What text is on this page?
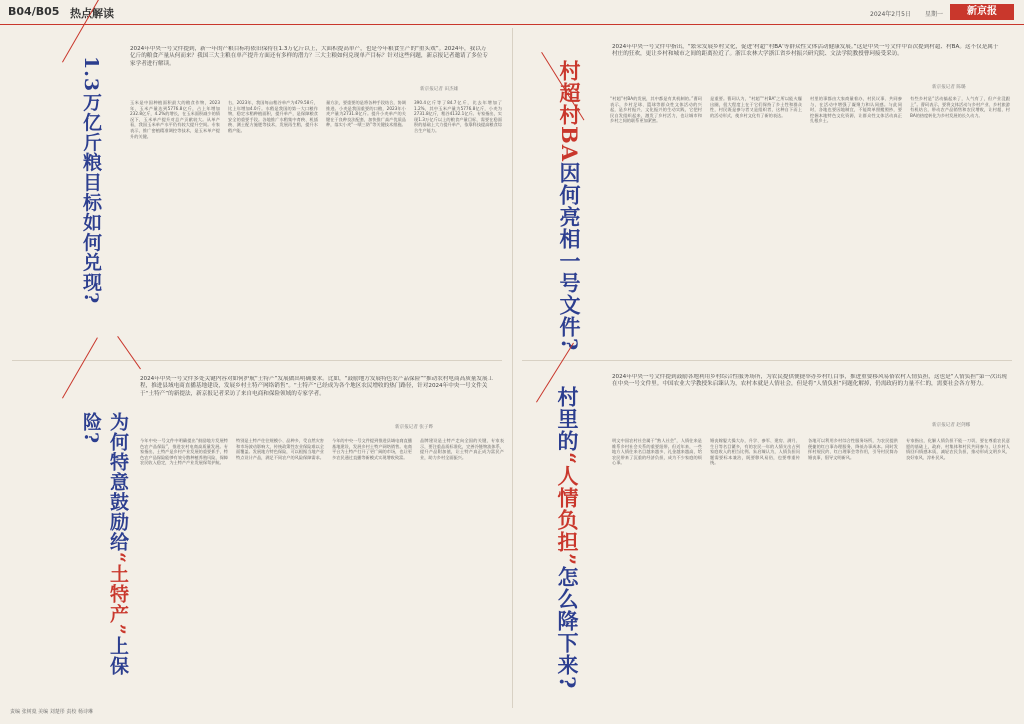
B04/B05 热点解读	2024年2月5日 星期一	新京报
1.3万亿斤粮目标如何兑现?
2024年中央一号文件提到，新一年的产粮目标将依旧保持在1.3万亿斤以上，大面积提高单产，也是今年粮食生产的“重头戏”。2024年，我以万亿斤的粮食产量从何而来？我国三大主粮在单产提升方面还有多样的潜力？三大主粮如何兑现单产目标？针对这些问题，新京报记者邀请了多位专家学者进行解读。
新京报记者 田杰雄
玉米是中国种植面积最大的粮食作物，2023年，玉米产量达到5776.8亿斤，占上年增加232.8亿斤，4.2%的增长，在玉米面积减少的情况下，玉米单产提升对总产贡献较大。从单产看，我国玉米单产水平仍有较大提升空间。专家表示，推广密植精准调控等技术，是玉米单产提升的关键。
右，2023年，我国每亩稻谷单产为479.58斤，比上年增加4.0斤。水稻是我国的第一大口粮作物，稳定水稻种植面积，提升单产，是保障粮食安全的重要手段。各地推广水稻集中育秧、机插秧、测土配方施肥等技术，发展再生稻，提升水稻产能。
量方法，要重要的是将各种手段结合，协调推进。小麦是我国重要的口粮，2023年小麦产量为2731.8亿斤。提升小麦单产的关键在于良种良法配套，加快推广高产优质品种，落实小麦“一喷三防”等关键技术措施。
390.4亿斤等了84.7亿斤，比去年增加了1.2%，其中玉米产量为5776.8亿斤，小麦为2731.8亿斤，稻谷4132.1亿斤。专家指出，实现1.3万亿斤以上的粮食产量目标，需要在稳面积的基础上大力提升单产，依靠科技提高粮食综合生产能力。	村超村BA因何亮相一号文件?
2024年中央一号文件中指出，“繁荣发展乡村文化，促进‘村超’‘村BA’等群众性文体活动健康发展。”这是中央一号文件中首次提到村超、村BA。这不仅是属于村庄的狂欢，更让乡村和城市之间的距离拉近了。浙江农林大学浙江省乡村振兴研究院、文法学院教授曹珂接受采访。
新京报记者 陈璐
“村超”村BA的发展，其中都是有其机制的。”曹珂表示，乡村足球、篮球等群众性文体活动的兴起，是乡村振兴、文化振兴的生动实践，它把村民自发组织起来，激发了乡村活力，也让城市和乡村之间的联系更加紧密。
是重要。曹珂认为，“村超”“村BA”之所以能火爆出圈，很大程度上在于它们保持了乡土性和群众性，村民既是参与者又是组织者，这种自下而上的活动形式，使乡村文化有了新的表达。
村里的事都由大家商量着办，村民议事、共同参与，在活动中增强了凝聚力和认同感。与此同时，各地也要因地制宜，不能简单照搬照抄，要挖掘本地特色文化资源，让群众性文体活动真正扎根乡土。
有些乡村是“活动搞起来了，人气有了，但产业没跟上”。曹珂表示，要将文体活动与乡村产业、乡村旅游有机结合，带动农产品销售和农民增收，让村超、村BA的热度转化为乡村发展的长久动力。
为何特意鼓励给“土特产”上保险?
2024年中央一号文件多处关键内容对如何护航“土特产”发展做出明确要求。比如，“鼓励地方发展特色农产品保险”“推动农村电商高质量发展工程，推进县域电商直播基地建设，发展乡村土特产网络销售”。“土特产”已经成为各个地区农民增收的热门路径，针对2024年中央一号文件关于“土特产”的新提法，新京报记者采访了来自电商和保险领域的专家学者。
新京报记者 张子晔
今年中央一号文件中明确提出“鼓励地方发展特色农产品保险”，推进农村电商高质量发展。专家指出，土特产是乡村产业发展的重要抓手，特色农产品保险能够有效分散种植养殖风险，保障农民收入稳定，为土特产产业发展保驾护航。
特别是土特产往往规模小、品种多，受自然灾害和市场波动影响大，传统政策性农业保险难以全面覆盖。发展地方特色保险，可以根据当地产业特点设计产品，满足不同农户的风险保障需求。
今年的中央一号文件提到推进县域电商直播基地建设，发展乡村土特产网络销售。电商平台为土特产打开了更广阔的市场，也让更多农民通过直播等新模式实现增收致富。
品牌建设是土特产走向全国的关键，专家表示，要注重品质标准化，完善冷链物流体系，提升产品附加值，让土特产真正成为富民产业，助力乡村全面振兴。
村里的“人情负担”怎么降下来?
2024年中央一号文件提到鼓励各地利用乡村综合性服务场所，为农民提供便捷举办乡村红白事，推进重要移风易俗农村人情负担，这也是“人情负担”第一次出现在中央一号文件里。中国农业大学教授朱启臻认为，农村本就是人情社会，但是将“人情负担”问题化解掉，仍需政府的力量不仁的，需要社会各方努力。
新京报记者 赵剑娜
明文中国农村社会属于“熟人社会”，人情往来是维系乡村社会关系的重要纽带。但近年来，一些地方人情往来名目越来越多、礼金越来越高，给农民带来了沉重的经济负担，成为不少家庭的烦心事。
婚丧嫁娶大操大办，升学、参军、建房、满月、生日等名目繁多，有的农民一年的人情支出占到家庭收入的相当比例。朱启臻认为，人情负担问题需要标本兼治，既要移风易俗，也要尊重传统。
各地可以利用乡村综合性服务场所，为农民提供便捷的红白事办理服务，降低办事成本。同时发挥村规民约、红白理事会等作用，引导村民简办婚丧事，倡导文明新风。
专家指出，化解人情负担不能一刀切，要在尊重农民意愿的基础上，政府、村集体和村民共同参与，让乡村人情回归情感本质，减轻农民负担，推动形成文明乡风、良好家风、淳朴民风。
责编 张树燊 美编 刘楚彤 责校 杨诗琳
